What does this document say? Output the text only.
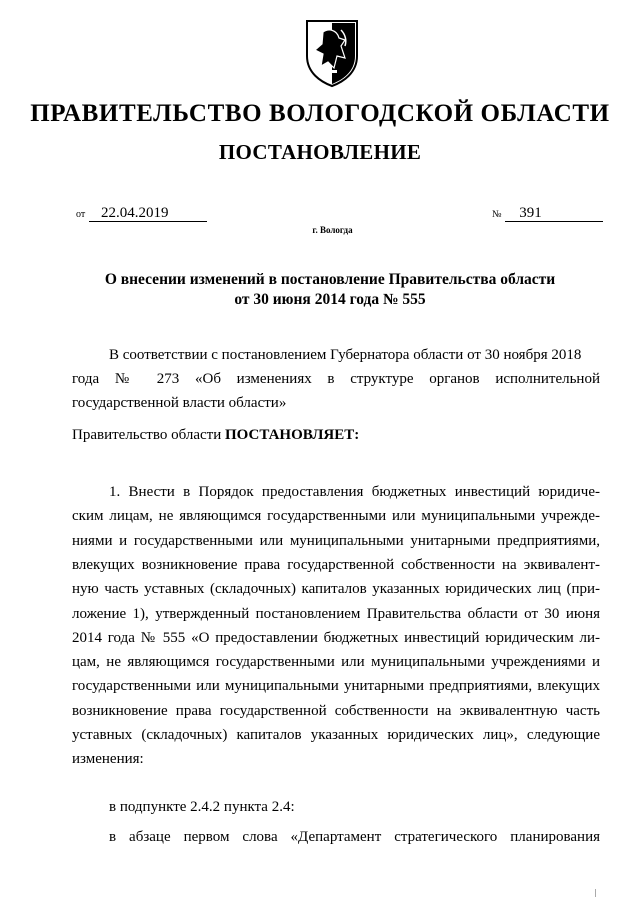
ПРАВИТЕЛЬСТВО ВОЛОГОДСКОЙ ОБЛАСТИ
ПОСТАНОВЛЕНИЕ
от 22.04.2019	№ 391
г. Вологда
О внесении изменений в постановление Правительства области
от 30 июня 2014 года № 555
В соответствии с постановлением Губернатора области от 30 ноября 2018
года № 273 «Об изменениях в структуре органов исполнительной
государственной власти области»
Правительство области ПОСТАНОВЛЯЕТ:
1. Внести в Порядок предоставления бюджетных инвестиций юридиче-
ским лицам, не являющимся государственными или муниципальными учрежде-
ниями и государственными или муниципальными унитарными предприятиями,
влекущих возникновение права государственной собственности на эквивалент-
ную часть уставных (складочных) капиталов указанных юридических лиц (при-
ложение 1), утвержденный постановлением Правительства области от 30 июня
2014 года № 555 «О предоставлении бюджетных инвестиций юридическим ли-
цам, не являющимся государственными или муниципальными учреждениями и
государственными или муниципальными унитарными предприятиями, влекущих
возникновение права государственной собственности на эквивалентную часть
уставных (складочных) капиталов указанных юридических лиц», следующие
изменения:
в подпункте 2.4.2 пункта 2.4:
в абзаце первом слова «Департамент стратегического планирования
